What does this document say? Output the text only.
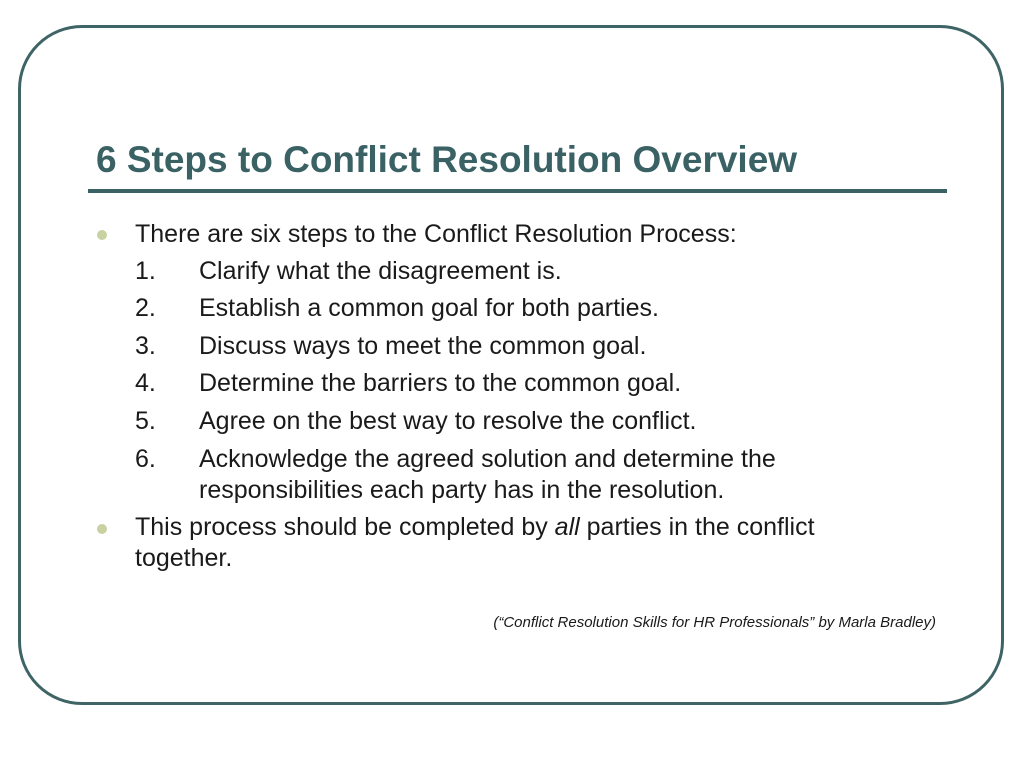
6 Steps to Conflict Resolution Overview
There are six steps to the Conflict Resolution Process:
1. Clarify what the disagreement is.
2. Establish a common goal for both parties.
3. Discuss ways to meet the common goal.
4. Determine the barriers to the common goal.
5. Agree on the best way to resolve the conflict.
6. Acknowledge the agreed solution and determine the
responsibilities each party has in the resolution.
This process should be completed by all parties in the conflict
together.
(“Conflict Resolution Skills for HR Professionals” by Marla Bradley)
